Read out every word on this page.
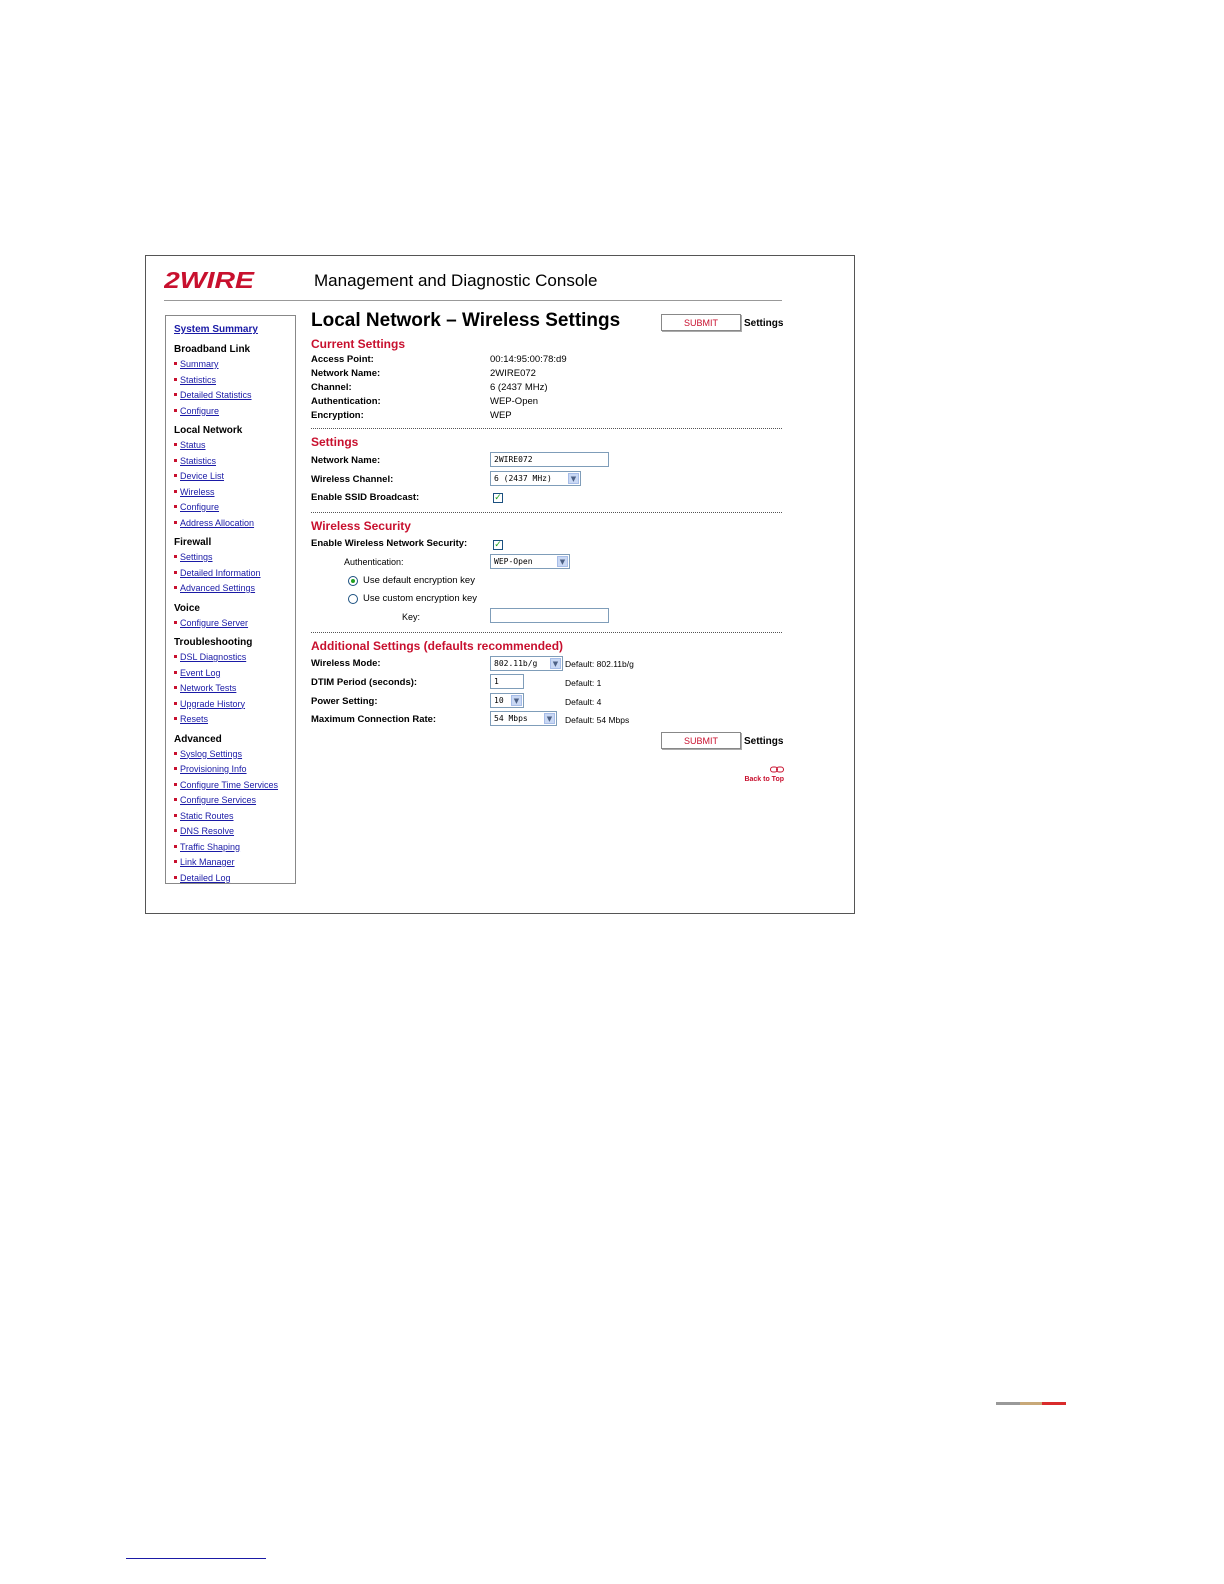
2WIRE	Management and Diagnostic Console
System Summary
Broadband Link
Summary
Statistics
Detailed Statistics
Configure
Local Network
Status
Statistics
Device List
Wireless
Configure
Address Allocation
Firewall
Settings
Detailed Information
Advanced Settings
Voice
Configure Server
Troubleshooting
DSL Diagnostics
Event Log
Network Tests
Upgrade History
Resets
Advanced
Syslog Settings
Provisioning Info
Configure Time Services
Configure Services
Static Routes
DNS Resolve
Traffic Shaping
Link Manager
Detailed Log
Local Network – Wireless Settings	SUBMIT	Settings
Current Settings
Access Point:	00:14:95:00:78:d9
Network Name:	2WIRE072
Channel:	6 (2437 MHz)
Authentication:	WEP-Open
Encryption:	WEP
Settings
Network Name:	2WIRE072
Wireless Channel:	6 (2437 MHz)	▼
Enable SSID Broadcast:	✓
Wireless Security
Enable Wireless Network Security:	✓
Authentication:	WEP-Open	▼
Use default encryption key
Use custom encryption key
Key:
Additional Settings (defaults recommended)
Wireless Mode:	802.11b/g	▼ Default: 802.11b/g
DTIM Period (seconds):	1	Default: 1
Power Setting:	10	▼	Default: 4
Maximum Connection Rate:	54 Mbps	▼	Default: 54 Mbps
SUBMIT	Settings

Back to Top
